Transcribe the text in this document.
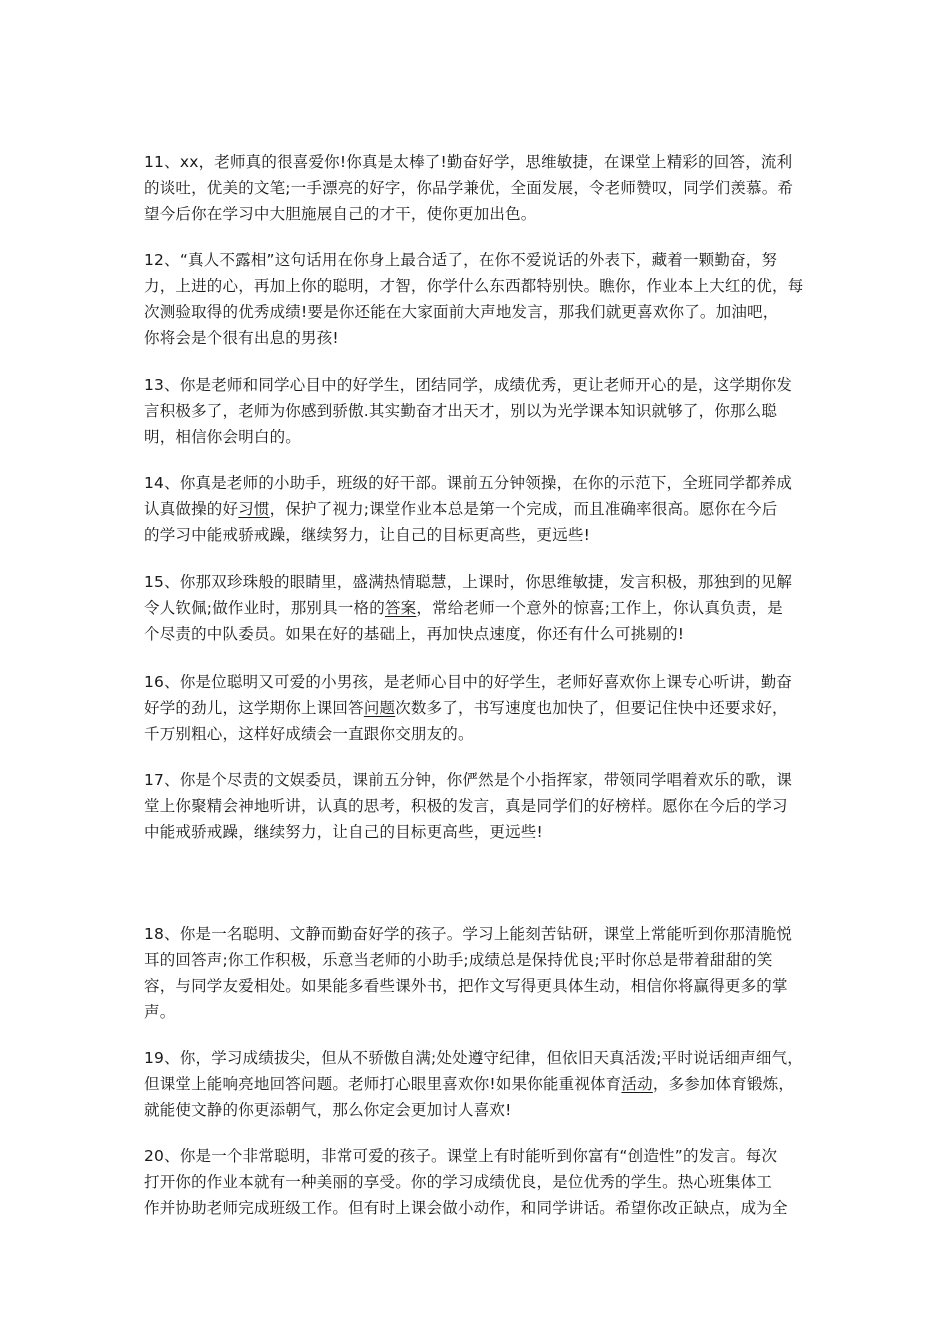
11、xx，老师真的很喜爱你!你真是太棒了!勤奋好学，思维敏捷，在课堂上精彩的回答，流利
的谈吐，优美的文笔;一手漂亮的好字，你品学兼优，全面发展，令老师赞叹，同学们羡慕。希
望今后你在学习中大胆施展自己的才干，使你更加出色。

12、“真人不露相”这句话用在你身上最合适了，在你不爱说话的外表下，藏着一颗勤奋，努
力，上进的心，再加上你的聪明，才智，你学什么东西都特别快。瞧你，作业本上大红的优，每
次测验取得的优秀成绩!要是你还能在大家面前大声地发言，那我们就更喜欢你了。加油吧，
你将会是个很有出息的男孩!

13、你是老师和同学心目中的好学生，团结同学，成绩优秀，更让老师开心的是，这学期你发
言积极多了，老师为你感到骄傲.其实勤奋才出天才，别以为光学课本知识就够了，你那么聪
明，相信你会明白的。

14、你真是老师的小助手，班级的好干部。课前五分钟领操，在你的示范下，全班同学都养成
认真做操的好习惯，保护了视力;课堂作业本总是第一个完成，而且准确率很高。愿你在今后
的学习中能戒骄戒躁，继续努力，让自己的目标更高些，更远些!

15、你那双珍珠般的眼睛里，盛满热情聪慧，上课时，你思维敏捷，发言积极，那独到的见解
令人钦佩;做作业时，那别具一格的答案，常给老师一个意外的惊喜;工作上，你认真负责，是
个尽责的中队委员。如果在好的基础上，再加快点速度，你还有什么可挑剔的!

16、你是位聪明又可爱的小男孩，是老师心目中的好学生，老师好喜欢你上课专心听讲，勤奋
好学的劲儿，这学期你上课回答问题次数多了，书写速度也加快了，但要记住快中还要求好，
千万别粗心，这样好成绩会一直跟你交朋友的。

17、你是个尽责的文娱委员，课前五分钟，你俨然是个小指挥家，带领同学唱着欢乐的歌，课
堂上你聚精会神地听讲，认真的思考，积极的发言，真是同学们的好榜样。愿你在今后的学习
中能戒骄戒躁，继续努力，让自己的目标更高些，更远些!

18、你是一名聪明、文静而勤奋好学的孩子。学习上能刻苦钻研，课堂上常能听到你那清脆悦
耳的回答声;你工作积极，乐意当老师的小助手;成绩总是保持优良;平时你总是带着甜甜的笑
容，与同学友爱相处。如果能多看些课外书，把作文写得更具体生动，相信你将赢得更多的掌
声。

19、你，学习成绩拔尖，但从不骄傲自满;处处遵守纪律，但依旧天真活泼;平时说话细声细气，
但课堂上能响亮地回答问题。老师打心眼里喜欢你!如果你能重视体育活动，多参加体育锻炼，
就能使文静的你更添朝气，那么你定会更加讨人喜欢!

20、你是一个非常聪明，非常可爱的孩子。课堂上有时能听到你富有“创造性”的发言。每次
打开你的作业本就有一种美丽的享受。你的学习成绩优良，是位优秀的学生。热心班集体工
作并协助老师完成班级工作。但有时上课会做小动作，和同学讲话。希望你改正缺点，成为全
